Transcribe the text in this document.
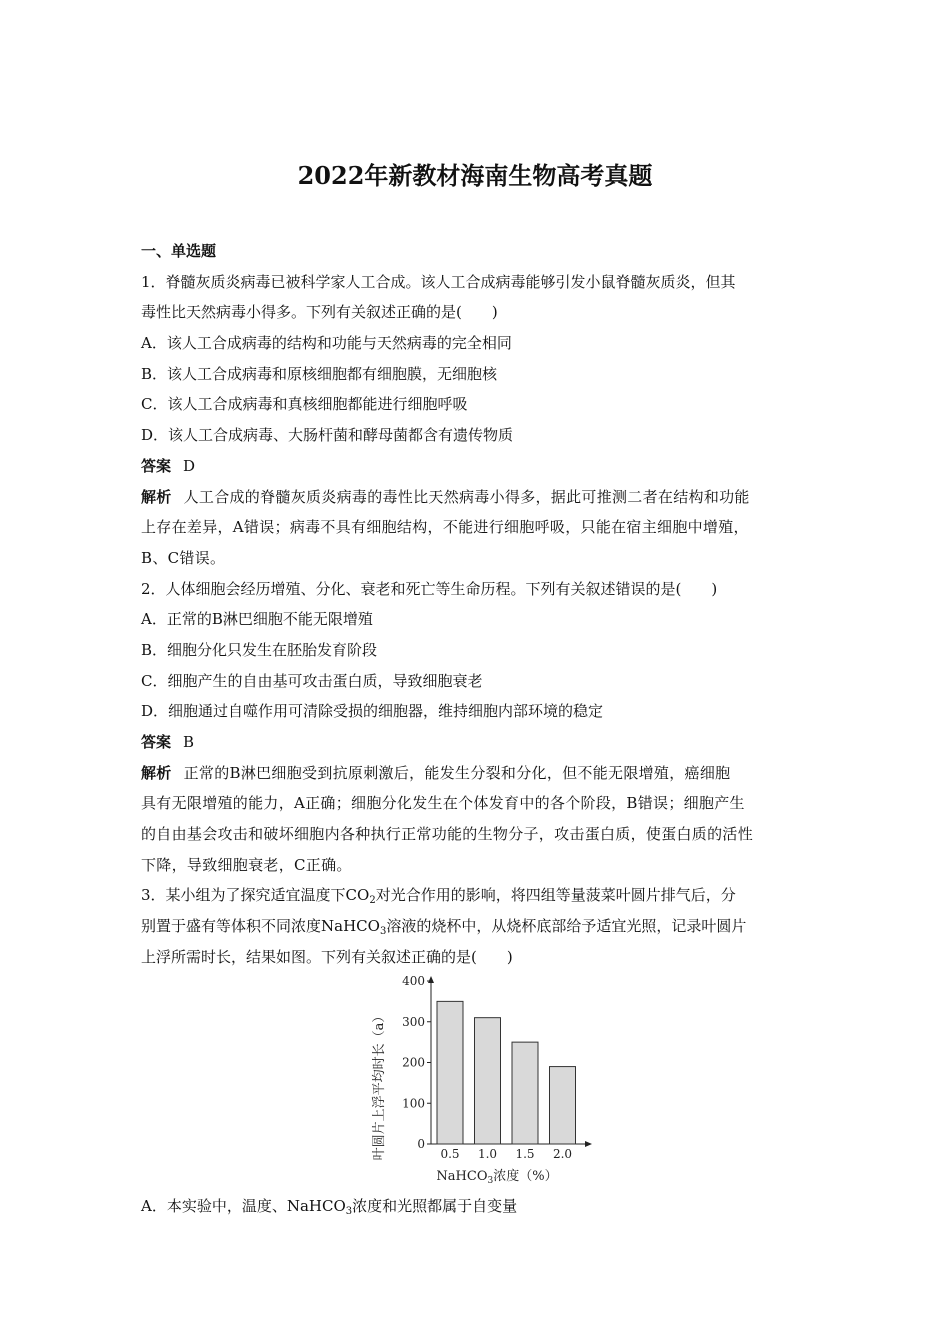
2022年新教材海南生物高考真题
一、单选题
1．脊髓灰质炎病毒已被科学家人工合成。该人工合成病毒能够引发小鼠脊髓灰质炎，但其
毒性比天然病毒小得多。下列有关叙述正确的是(　　)
A．该人工合成病毒的结构和功能与天然病毒的完全相同
B．该人工合成病毒和原核细胞都有细胞膜，无细胞核
C．该人工合成病毒和真核细胞都能进行细胞呼吸
D．该人工合成病毒、大肠杆菌和酵母菌都含有遗传物质
答案 D
解析 人工合成的脊髓灰质炎病毒的毒性比天然病毒小得多，据此可推测二者在结构和功能
上存在差异，A错误；病毒不具有细胞结构，不能进行细胞呼吸，只能在宿主细胞中增殖，
B、C错误。
2．人体细胞会经历增殖、分化、衰老和死亡等生命历程。下列有关叙述错误的是(　　)
A．正常的B淋巴细胞不能无限增殖
B．细胞分化只发生在胚胎发育阶段
C．细胞产生的自由基可攻击蛋白质，导致细胞衰老
D．细胞通过自噬作用可清除受损的细胞器，维持细胞内部环境的稳定
答案 B
解析 正常的B淋巴细胞受到抗原刺激后，能发生分裂和分化，但不能无限增殖，癌细胞
具有无限增殖的能力，A正确；细胞分化发生在个体发育中的各个阶段，B错误；细胞产生
的自由基会攻击和破坏细胞内各种执行正常功能的生物分子，攻击蛋白质，使蛋白质的活性
下降，导致细胞衰老，C正确。
3．某小组为了探究适宜温度下$CO_2$对光合作用的影响，将四组等量菠菜叶圆片排气后，分
别置于盛有等体积不同浓度NaHCO$_3$溶液的烧杯中，从烧杯底部给予适宜光照，记录叶圆片
上浮所需时长，结果如图。下列有关叙述正确的是(　　)
0
100
200
300
400
0.5 1.0 1.5 2.0
叶圆片上浮平均时长（a）
NaHCO$_3$浓度（%）
A．本实验中，温度、NaHCO$_3$浓度和光照都属于自变量
